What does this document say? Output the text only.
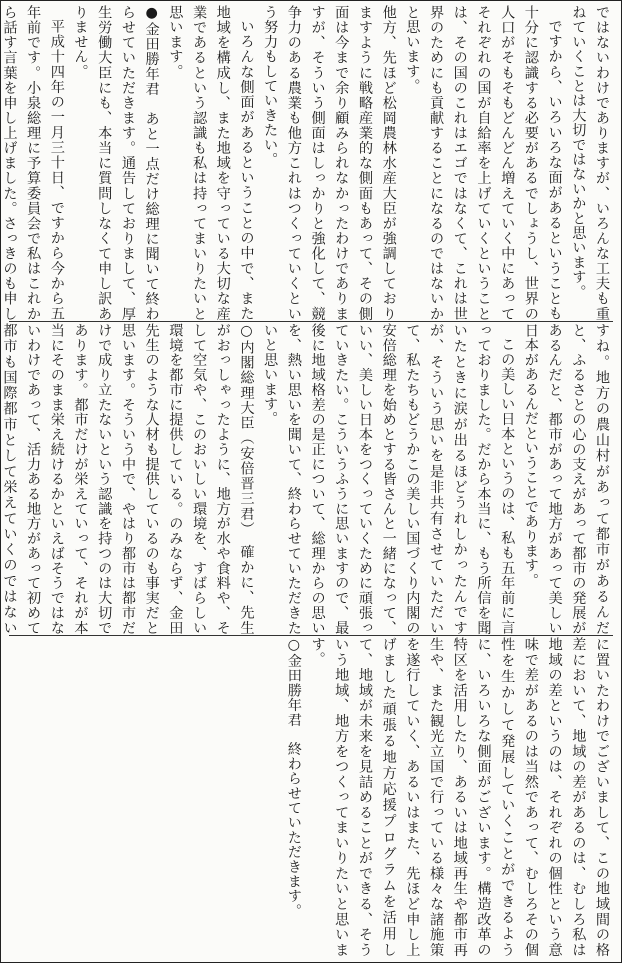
ではないわけでありますが、いろんな工夫も重ねていくことは大切ではないかと思います。

ですから、いろいろな面があるということも十分に認識する必要があるでしょうし、世界の人口がそもそもどんどん増えていく中にあってそれぞれの国が自給率を上げていくということは、その国のこれはエゴではなくて、これは世界のためにも貢献することになるのではないかと思います。

他方、先ほど松岡農林水産大臣が強調しておりますように戦略産業的な側面もあって、その側面は今まで余り顧みられなかったわけでありますが、そういう側面はしっかりと強化して、競争力のある農業も他方これはつくっていくという努力もしていきたい。

いろんな側面があるということの中で、また地域を構成し、また地域を守っている大切な産業であるという認識も私は持ってまいりたいと思います。

●金田勝年君　あと一点だけ総理に聞いて終わらせていただきます。通告しておりまして、厚生労働大臣にも、本当に質問しなくて申し訳ありません。

平成十四年の一月三十日、ですから今から五年前です。小泉総理に予算委員会で私はこれから話す言葉を申し上げました。さっきのも申し

すね。地方の農山村があって都市があるんだと、ふるさとの心の支えがあって都市の発展があるんだと、都市があって地方があって美しい日本があるんだということであります。

この美しい日本というのは、私も五年前に言っておりました。だから本当に、もう所信を聞いたときに涙が出るほどうれしかったんですが、そういう思いを是非共有させていただいて、私たちもどうかこの美しい国づくり内閣の安倍総理を始めとする皆さんと一緒になって、いい、美しい日本をつくっていくために頑張っていきたい。こういうふうに思いますので、最後に地域格差の是正について、総理からの思いを、熱い思いを聞いて、終わらせていただきたいと思います。

○内閣総理大臣（安倍晋三君）　確かに、先生がおっしゃったように、地方が水や食料や、そして空気や、このおいしい環境を、すばらしい環境を都市に提供している。のみならず、金田先生のような人材も提供しているのも事実だと思います。そういう中で、やはり都市は都市だけで成り立たないという認識を持つのは大切であります。都市だけが栄えていって、それが本当にそのまま栄え続けるかといえばそうではないわけであって、活力ある地方があって初めて都市も国際都市として栄えていくのではない

に置いたわけでございまして、この地域間の格差において、地域の差があるのは、むしろ私は地域の差というのは、それぞれの個性という意味で差があるのは当然であって、むしろその個性を生かして発展していくことができるように、いろいろな側面がございます。構造改革の特区を活用したり、あるいは地域再生や都市再生や、また観光立国で行っている様々な諸施策を遂行していく、あるいはまた、先ほど申し上げました頑張る地方応援プログラムを活用して、地域が未来を見詰めることができる、そういう地域、地方をつくってまいりたいと思います。

○金田勝年君　終わらせていただきます。
